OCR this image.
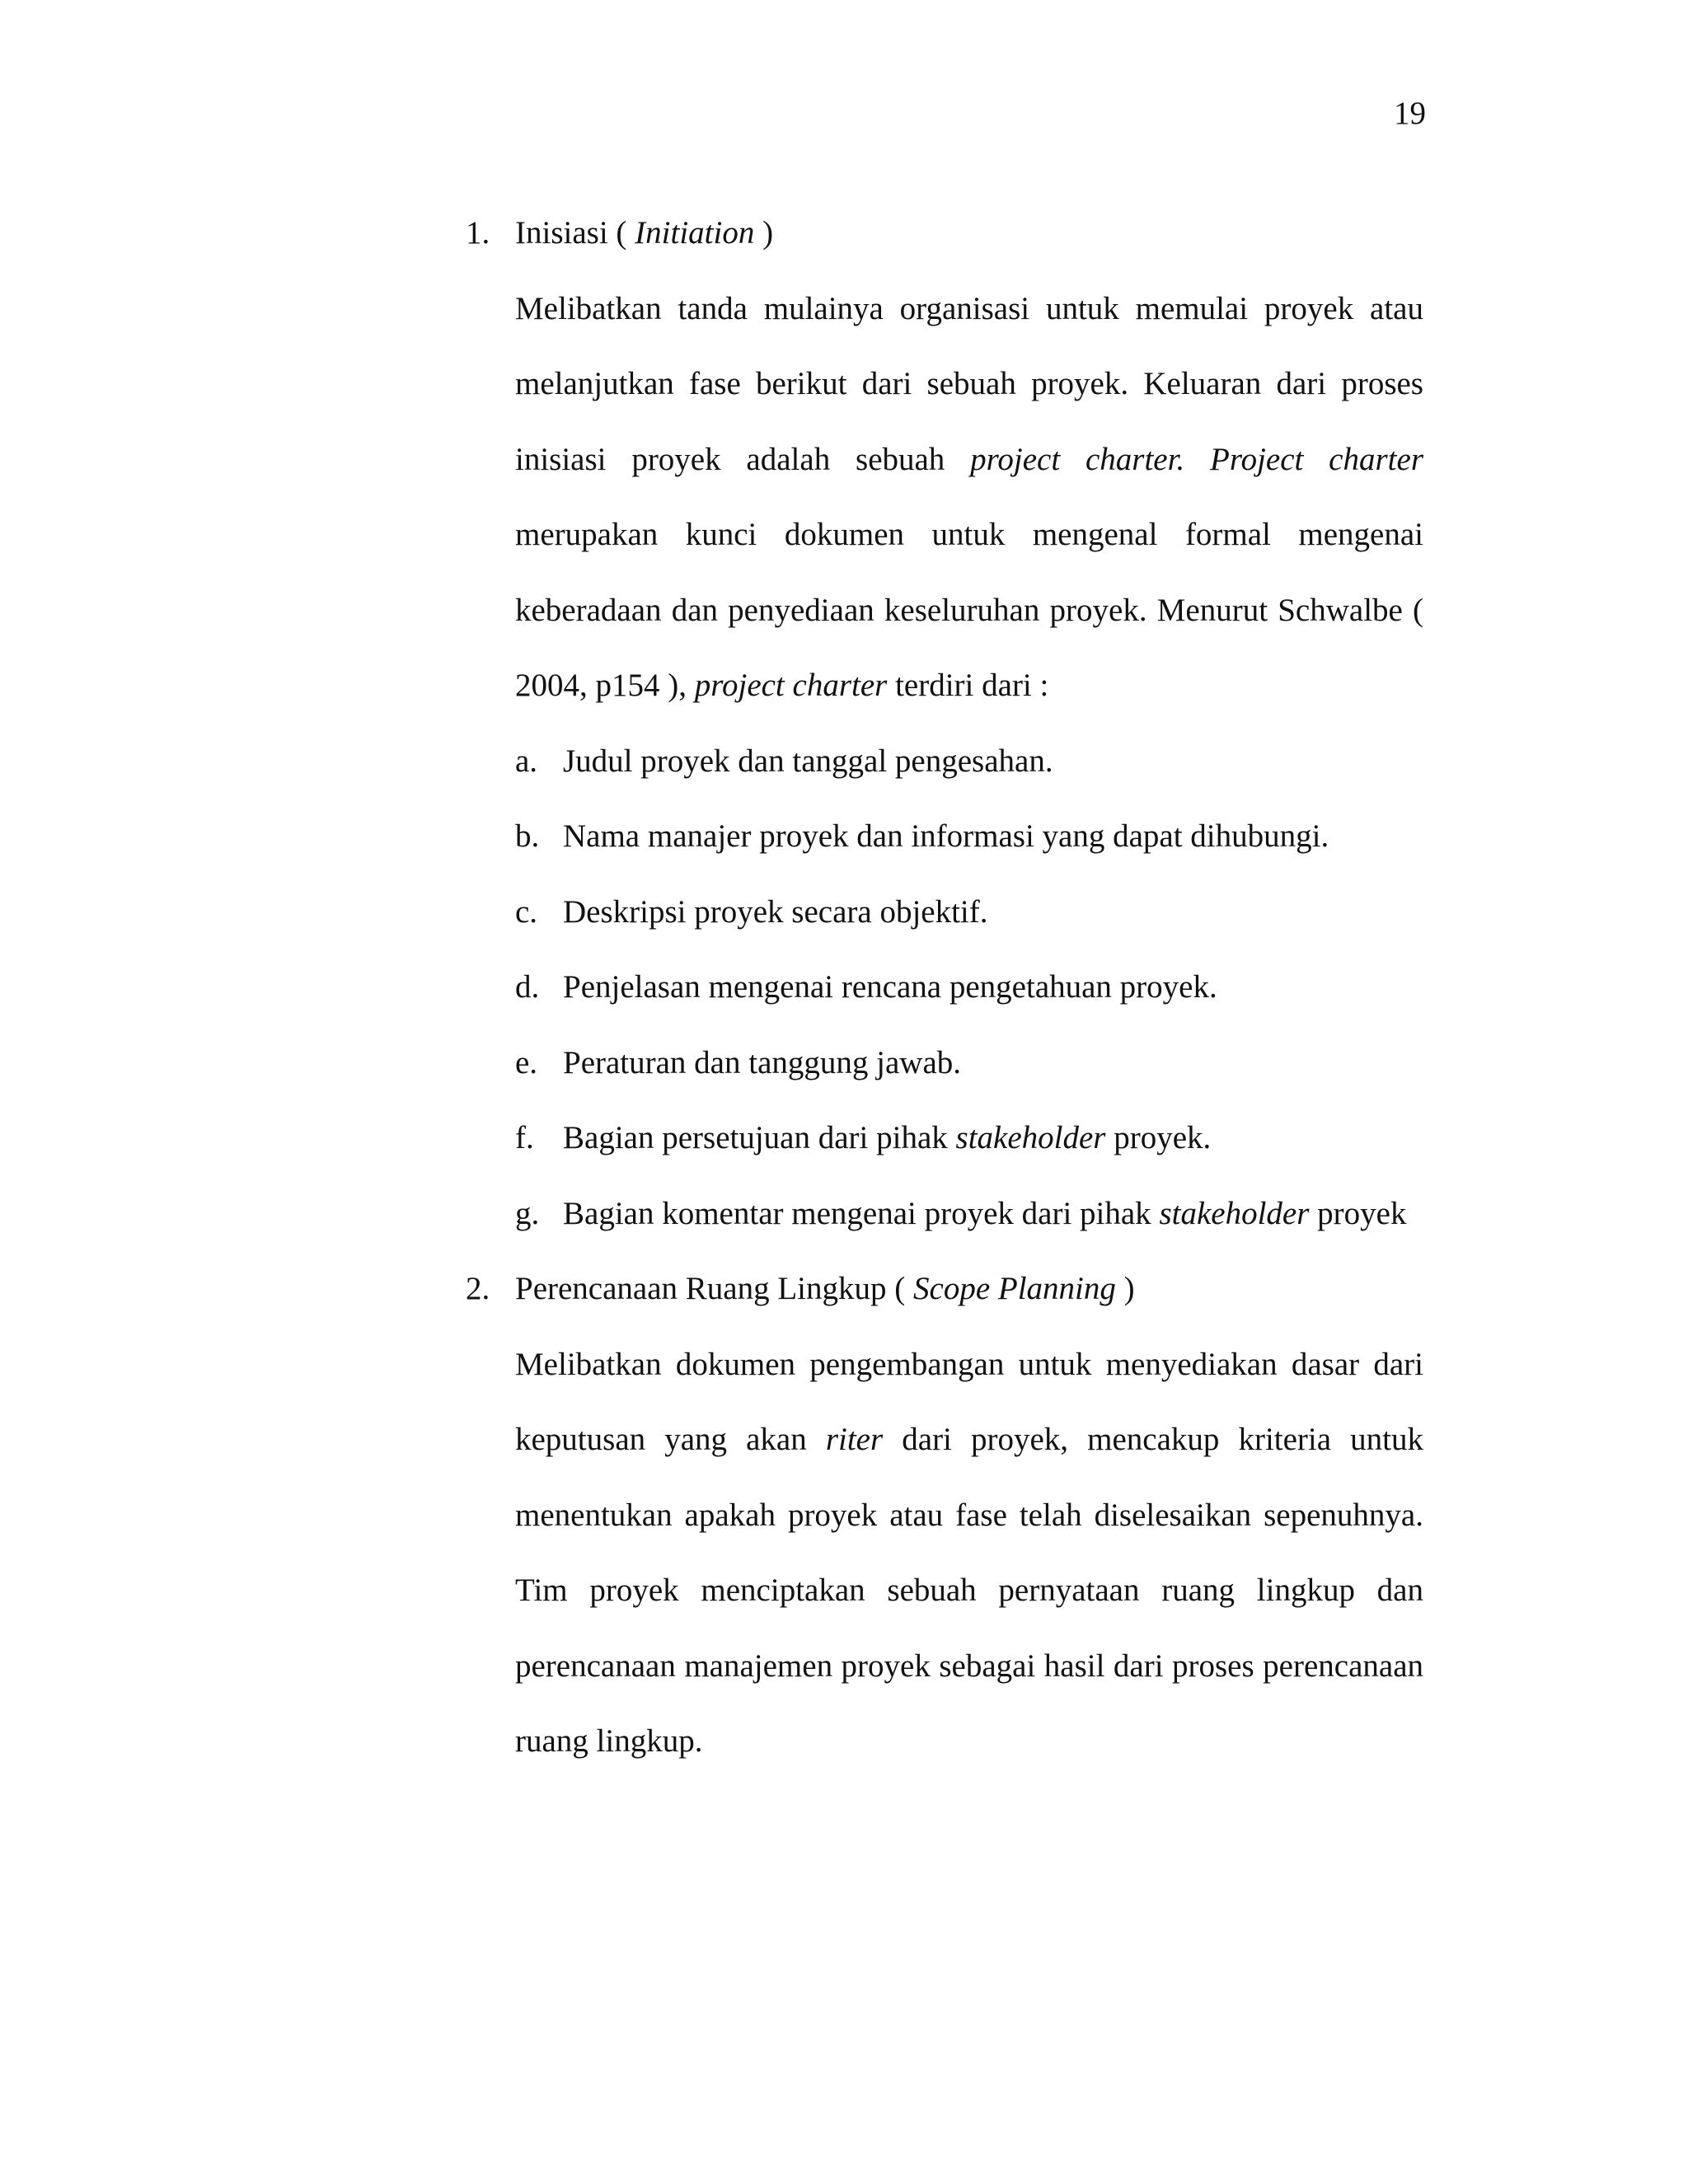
19
1. Inisiasi ( Initiation )

Melibatkan tanda mulainya organisasi untuk memulai proyek atau melanjutkan fase berikut dari sebuah proyek. Keluaran dari proses inisiasi proyek adalah sebuah project charter. Project charter merupakan kunci dokumen untuk mengenal formal mengenai keberadaan dan penyediaan keseluruhan proyek. Menurut Schwalbe ( 2004, p154 ), project charter terdiri dari :

a. Judul proyek dan tanggal pengesahan.
b. Nama manajer proyek dan informasi yang dapat dihubungi.
c. Deskripsi proyek secara objektif.
d. Penjelasan mengenai rencana pengetahuan proyek.
e. Peraturan dan tanggung jawab.
f. Bagian persetujuan dari pihak stakeholder proyek.
g. Bagian komentar mengenai proyek dari pihak stakeholder proyek
2. Perencanaan Ruang Lingkup ( Scope Planning )

Melibatkan dokumen pengembangan untuk menyediakan dasar dari keputusan yang akan riter dari proyek, mencakup kriteria untuk menentukan apakah proyek atau fase telah diselesaikan sepenuhnya. Tim proyek menciptakan sebuah pernyataan ruang lingkup dan perencanaan manajemen proyek sebagai hasil dari proses perencanaan ruang lingkup.
